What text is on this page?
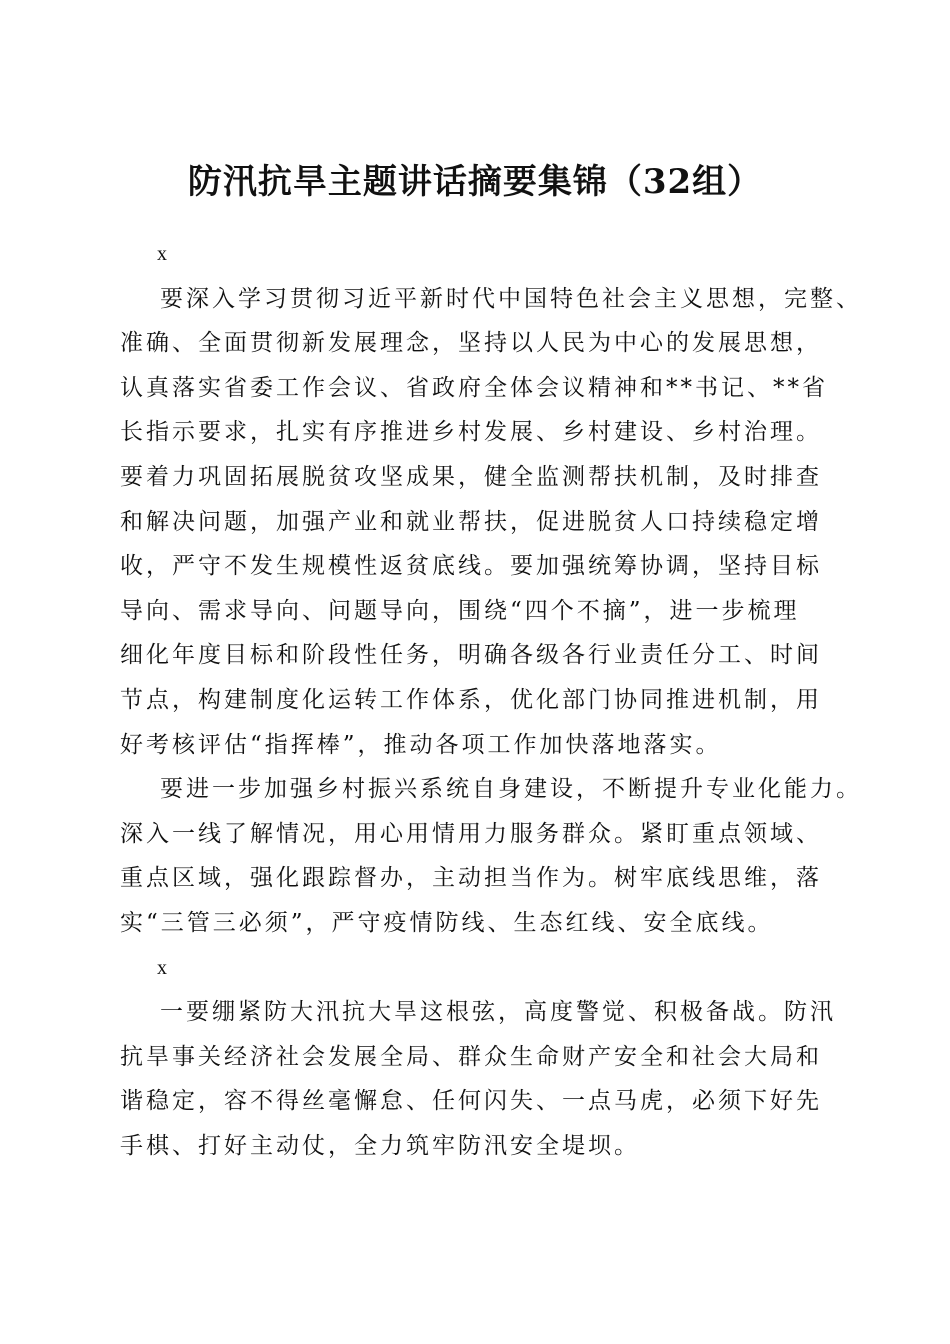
防汛抗旱主题讲话摘要集锦（32组）

x

要深入学习贯彻习近平新时代中国特色社会主义思想，完整、
准确、全面贯彻新发展理念，坚持以人民为中心的发展思想，
认真落实省委工作会议、省政府全体会议精神和**书记、**省
长指示要求，扎实有序推进乡村发展、乡村建设、乡村治理。
要着力巩固拓展脱贫攻坚成果，健全监测帮扶机制，及时排查
和解决问题，加强产业和就业帮扶，促进脱贫人口持续稳定增
收，严守不发生规模性返贫底线。要加强统筹协调，坚持目标
导向、需求导向、问题导向，围绕“四个不摘”，进一步梳理
细化年度目标和阶段性任务，明确各级各行业责任分工、时间
节点，构建制度化运转工作体系，优化部门协同推进机制，用
好考核评估“指挥棒”，推动各项工作加快落地落实。

要进一步加强乡村振兴系统自身建设，不断提升专业化能力。
深入一线了解情况，用心用情用力服务群众。紧盯重点领域、
重点区域，强化跟踪督办，主动担当作为。树牢底线思维，落
实“三管三必须”，严守疫情防线、生态红线、安全底线。

x

一要绷紧防大汛抗大旱这根弦，高度警觉、积极备战。防汛
抗旱事关经济社会发展全局、群众生命财产安全和社会大局和
谐稳定，容不得丝毫懈怠、任何闪失、一点马虎，必须下好先
手棋、打好主动仗，全力筑牢防汛安全堤坝。
